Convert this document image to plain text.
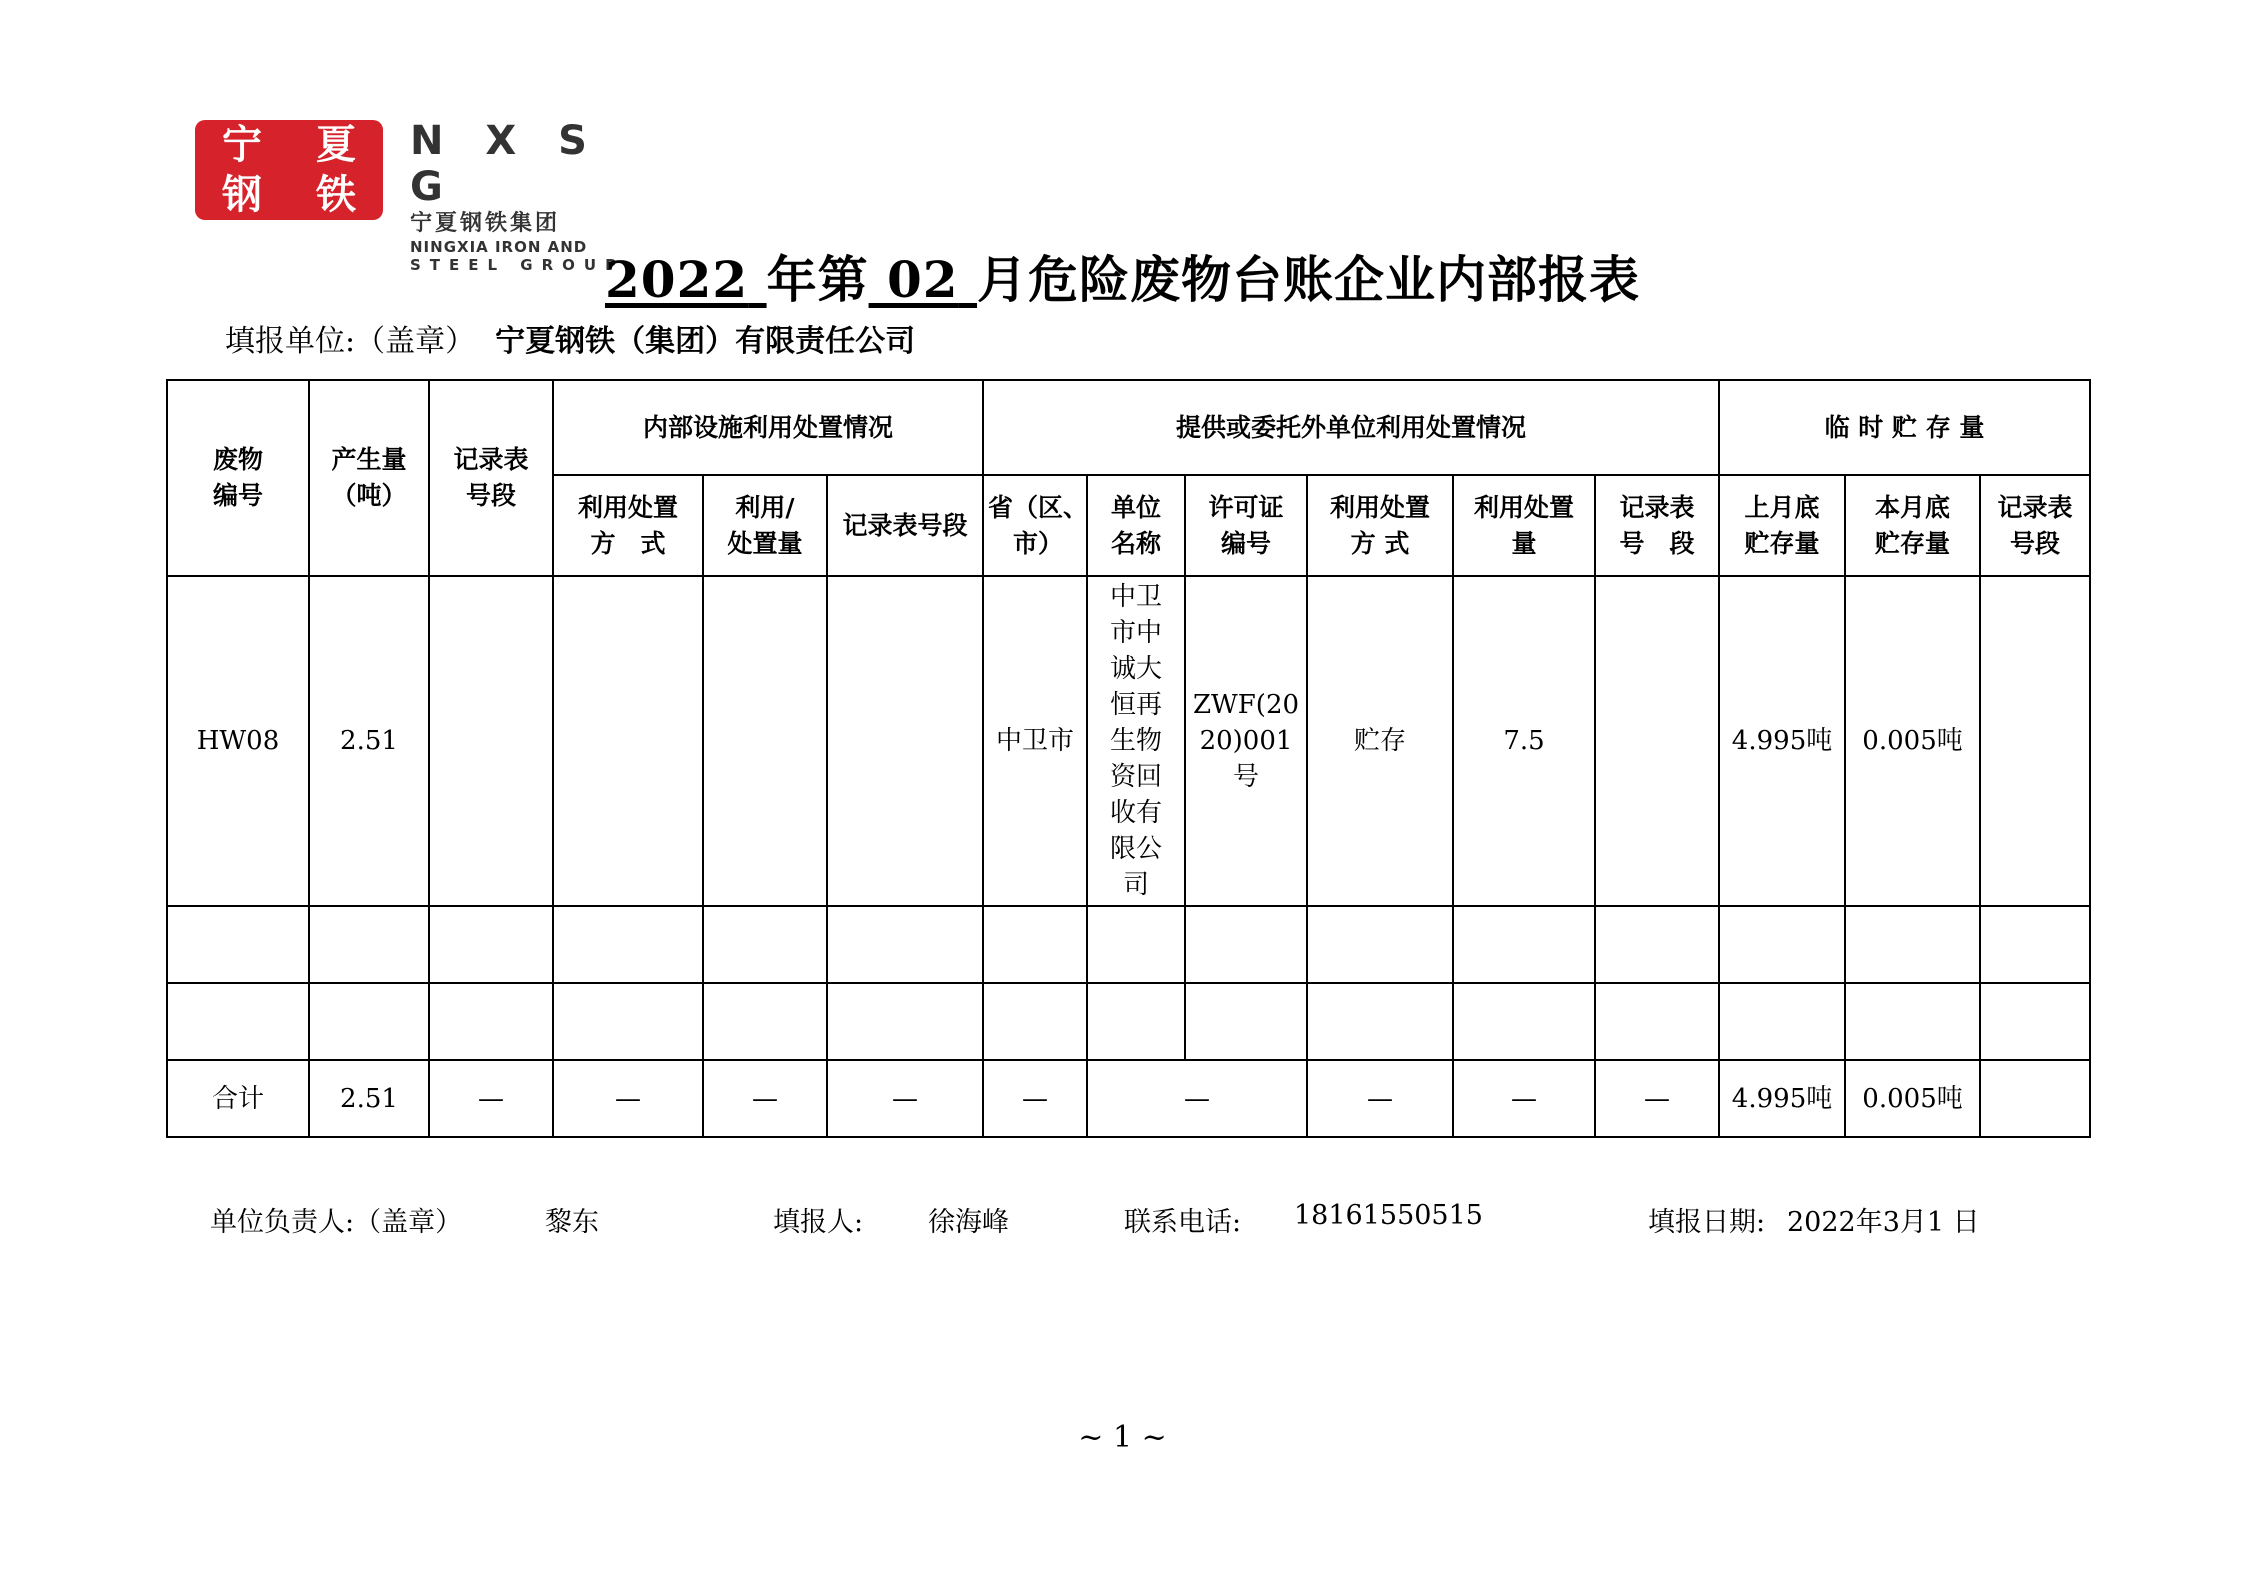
宁 夏
钢 铁
N X S G
宁夏钢铁集团
NINGXIA IRON AND
STEEL GROUP
2022 年第 02 月危险废物台账企业内部报表
填报单位:（盖章） 宁夏钢铁（集团）有限责任公司
废物编号	产生量（吨）	记录表号段	内部设施利用处置情况			提供或委托外单位利用处置情况						临 时 贮 存 量		

			利用处置 方　式	利用/处置量	记录表号段	省（区、市）	单位名称	许可证编号	利用处置 方 式	利用处置量	记录表号　段	上月底贮存量	本月底贮存量	记录表号段

HW08	2.51					中卫市	中卫市中诚大恒再生物资回收有限公司	ZWF(2020)001号	贮存	7.5		4.995吨	0.005吨	

合计	2.51	—	—	—	—	—	—		—	—	—	4.995吨	0.005吨	
单位负责人:（盖章）	黎东	填报人: 徐海峰	联系电话: 18161550515	填报日期: 2022年3月1 日
~ 1 ~
